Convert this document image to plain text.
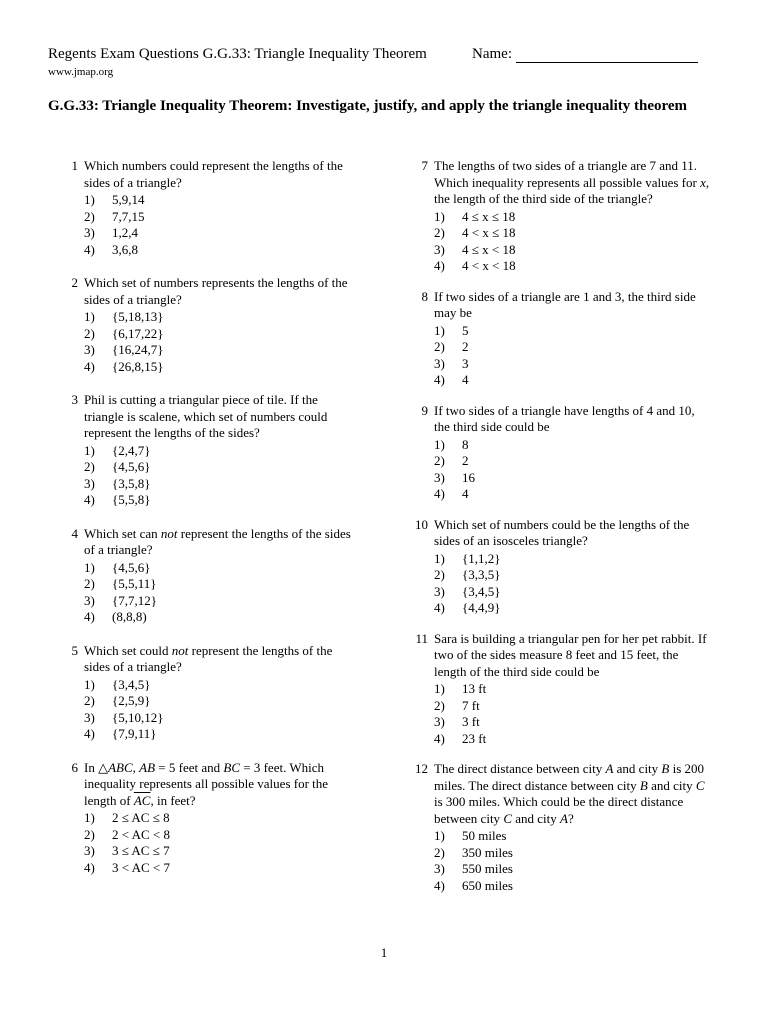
Regents Exam Questions G.G.33: Triangle Inequality Theorem	Name:
www.jmap.org
G.G.33: Triangle Inequality Theorem: Investigate, justify, and apply the triangle inequality theorem
1 Which numbers could represent the lengths of the sides of a triangle?
1)	5,9,14
2)	7,7,15
3)	1,2,4
4)	3,6,8
2 Which set of numbers represents the lengths of the sides of a triangle?
1)	{5,18,13}
2)	{6,17,22}
3)	{16,24,7}
4)	{26,8,15}
3 Phil is cutting a triangular piece of tile. If the triangle is scalene, which set of numbers could represent the lengths of the sides?
1)	{2,4,7}
2)	{4,5,6}
3)	{3,5,8}
4)	{5,5,8}
4 Which set can not represent the lengths of the sides of a triangle?
1)	{4,5,6}
2)	{5,5,11}
3)	{7,7,12}
4)	(8,8,8)
5 Which set could not represent the lengths of the sides of a triangle?
1)	{3,4,5}
2)	{2,5,9}
3)	{5,10,12}
4)	{7,9,11}
6 In △ABC, AB = 5 feet and BC = 3 feet. Which inequality represents all possible values for the length of $\overline{AC}$, in feet?
1)	2 ≤ AC ≤ 8
2)	2 < AC < 8
3)	3 ≤ AC ≤ 7
4)	3 < AC < 7
7 The lengths of two sides of a triangle are 7 and 11. Which inequality represents all possible values for x, the length of the third side of the triangle?
1)	4 ≤ x ≤ 18
2)	4 < x ≤ 18
3)	4 ≤ x < 18
4)	4 < x < 18
8 If two sides of a triangle are 1 and 3, the third side may be
1)	5
2)	2
3)	3
4)	4
9 If two sides of a triangle have lengths of 4 and 10, the third side could be
1)	8
2)	2
3)	16
4)	4
10 Which set of numbers could be the lengths of the sides of an isosceles triangle?
1)	{1,1,2}
2)	{3,3,5}
3)	{3,4,5}
4)	{4,4,9}
11 Sara is building a triangular pen for her pet rabbit. If two of the sides measure 8 feet and 15 feet, the length of the third side could be
1)	13 ft
2)	7 ft
3)	3 ft
4)	23 ft
12 The direct distance between city A and city B is 200 miles. The direct distance between city B and city C is 300 miles. Which could be the direct distance between city C and city A?
1)	50 miles
2)	350 miles
3)	550 miles
4)	650 miles
1
